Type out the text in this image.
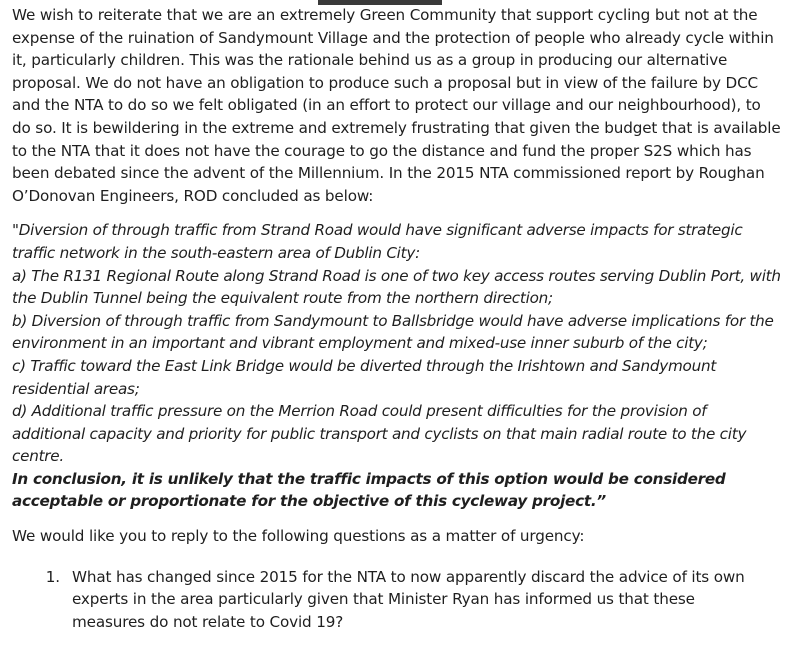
We wish to reiterate that we are an extremely Green Community that support cycling but not at the expense of the ruination of Sandymount Village and the protection of people who already cycle within it, particularly children. This was the rationale behind us as a group in producing our alternative proposal. We do not have an obligation to produce such a proposal but in view of the failure by DCC and the NTA to do so we felt obligated (in an effort to protect our village and our neighbourhood), to do so. It is bewildering in the extreme and extremely frustrating that given the budget that is available to the NTA that it does not have the courage to go the distance and fund the proper S2S which has been debated since the advent of the Millennium. In the 2015 NTA commissioned report by Roughan O’Donovan Engineers, ROD concluded as below:

"Diversion of through traffic from Strand Road would have significant adverse impacts for strategic traffic network in the south-eastern area of Dublin City:
a) The R131 Regional Route along Strand Road is one of two key access routes serving Dublin Port, with the Dublin Tunnel being the equivalent route from the northern direction;
b) Diversion of through traffic from Sandymount to Ballsbridge would have adverse implications for the environment in an important and vibrant employment and mixed-use inner suburb of the city;
c) Traffic toward the East Link Bridge would be diverted through the Irishtown and Sandymount residential areas;
d) Additional traffic pressure on the Merrion Road could present difficulties for the provision of additional capacity and priority for public transport and cyclists on that main radial route to the city centre.
In conclusion, it is unlikely that the traffic impacts of this option would be considered acceptable or proportionate for the objective of this cycleway project.”

We would like you to reply to the following questions as a matter of urgency:

1. What has changed since 2015 for the NTA to now apparently discard the advice of its own experts in the area particularly given that Minister Ryan has informed us that these measures do not relate to Covid 19?
